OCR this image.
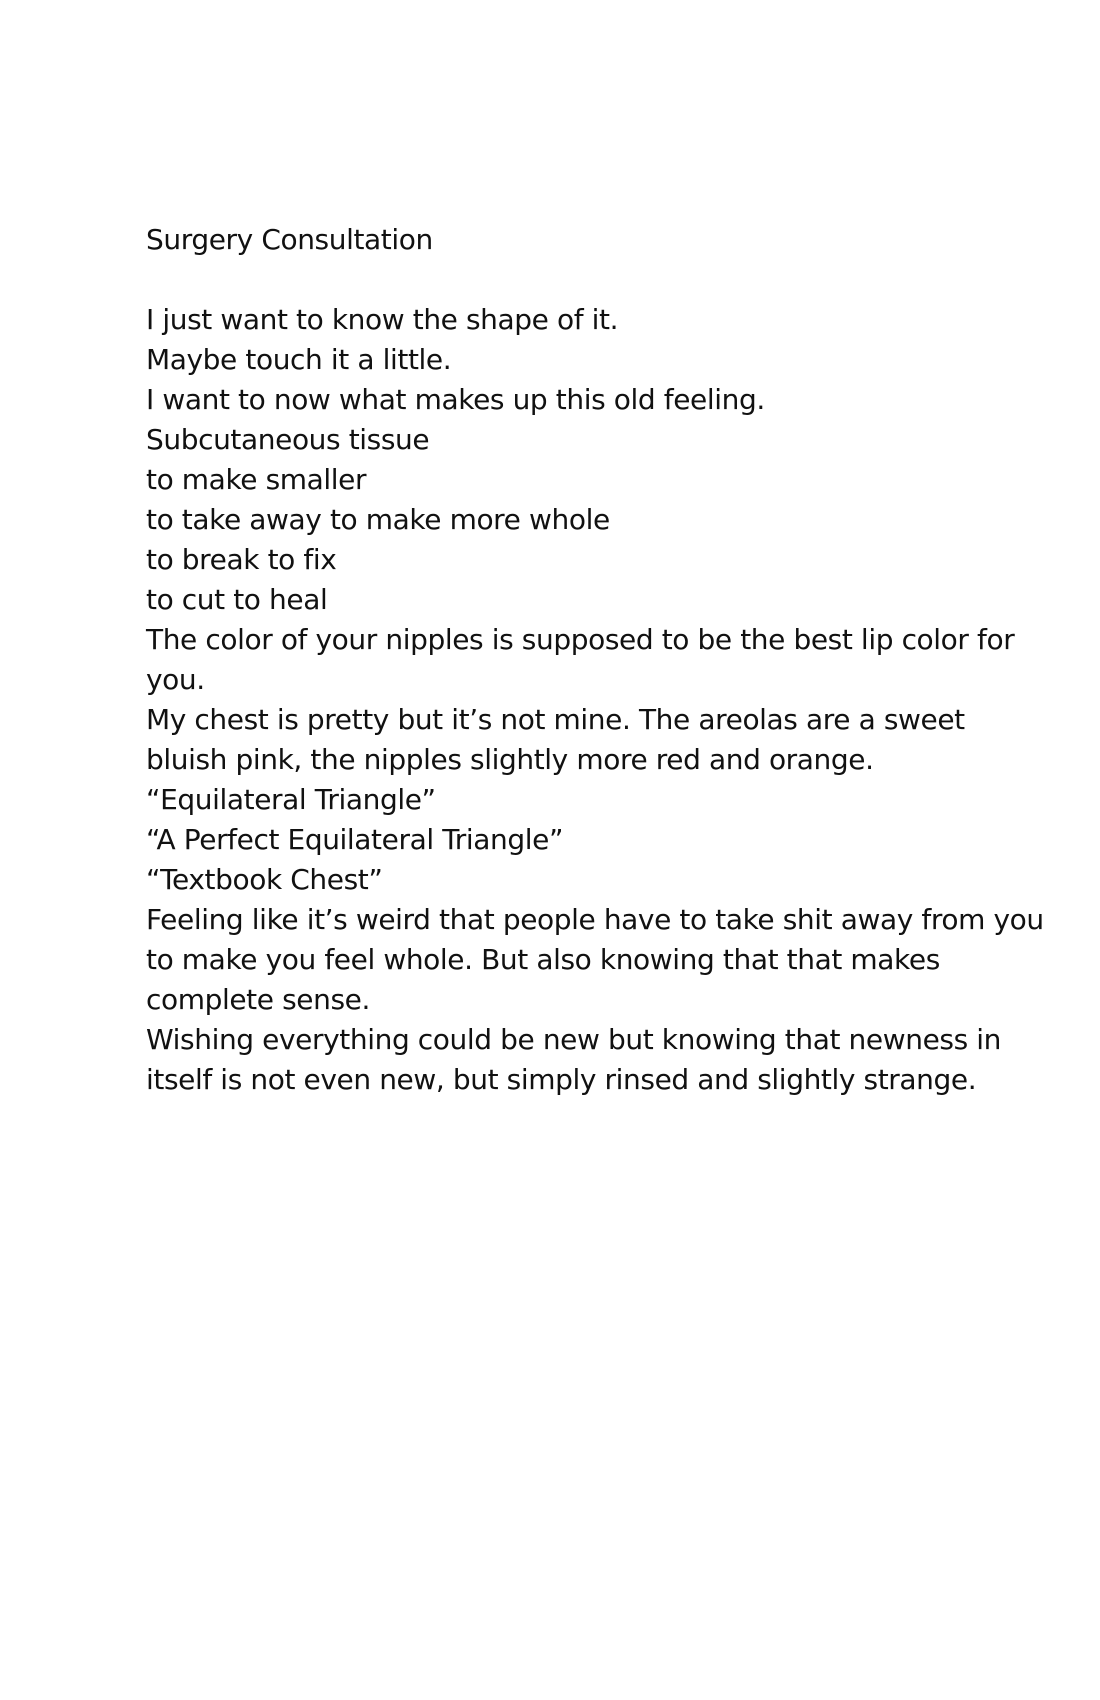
Surgery Consultation

I just want to know the shape of it.

Maybe touch it a little.

I want to now what makes up this old feeling.

Subcutaneous tissue

to make smaller

to take away to make more whole

to break to fix

to cut to heal

The color of your nipples is supposed to be the best lip color for you.

My chest is pretty but it’s not mine. The areolas are a sweet bluish pink, the nipples slightly more red and orange.

“Equilateral Triangle”

“A Perfect Equilateral Triangle”

“Textbook Chest”

Feeling like it’s weird that people have to take shit away from you to make you feel whole. But also knowing that that makes complete sense.

Wishing everything could be new but knowing that newness in itself is not even new, but simply rinsed and slightly strange.
